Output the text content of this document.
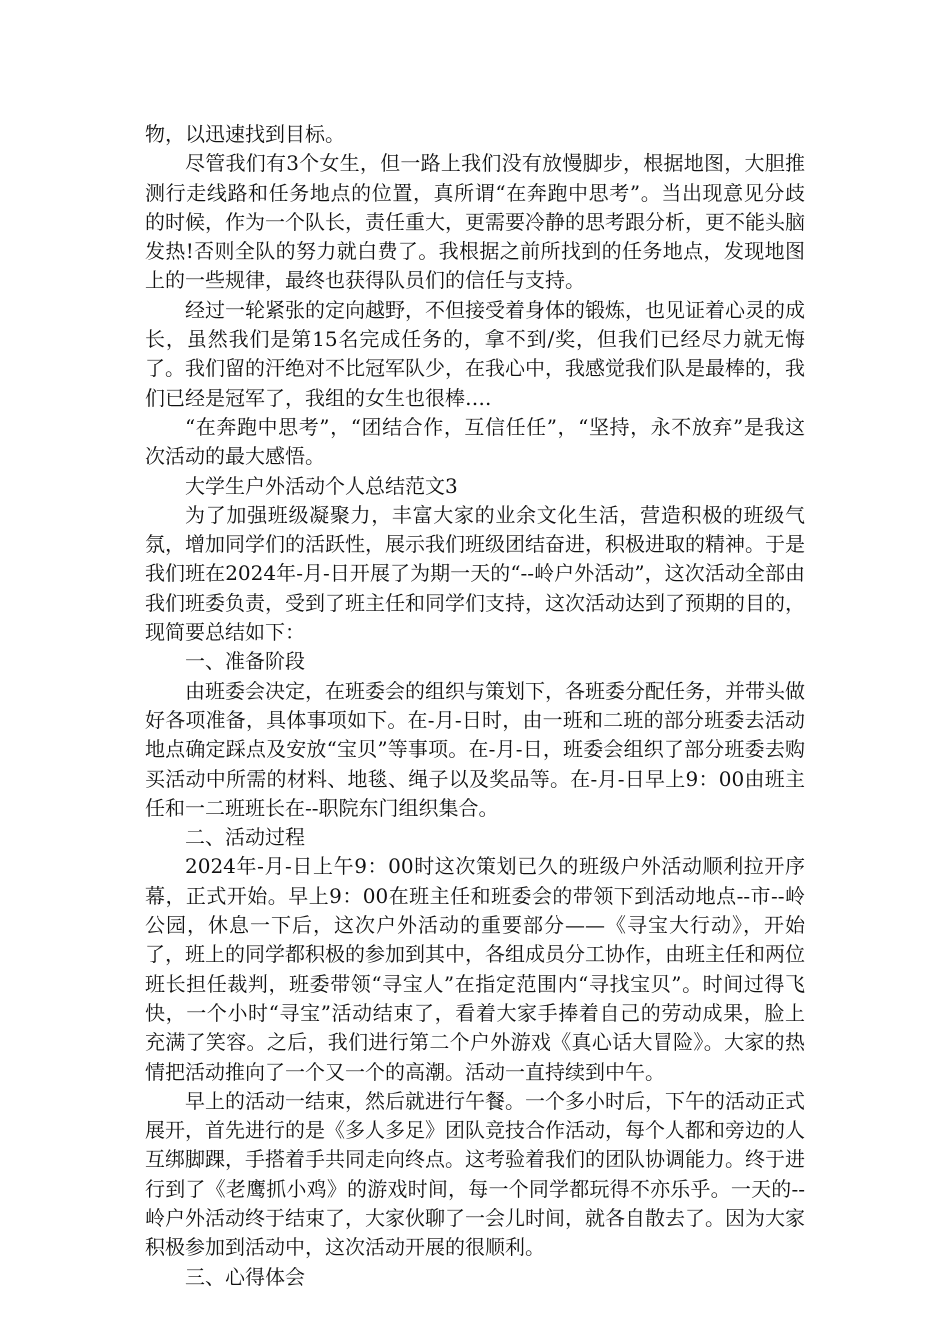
物，以迅速找到目标。

尽管我们有3个女生，但一路上我们没有放慢脚步，根据地图，大胆推测行走线路和任务地点的位置，真所谓“在奔跑中思考”。当出现意见分歧的时候，作为一个队长，责任重大，更需要冷静的思考跟分析，更不能头脑发热!否则全队的努力就白费了。我根据之前所找到的任务地点，发现地图上的一些规律，最终也获得队员们的信任与支持。

经过一轮紧张的定向越野，不但接受着身体的锻炼，也见证着心灵的成长，虽然我们是第15名完成任务的，拿不到/奖，但我们已经尽力就无悔了。我们留的汗绝对不比冠军队少，在我心中，我感觉我们队是最棒的，我们已经是冠军了，我组的女生也很棒….

“在奔跑中思考”，“团结合作，互信任任”，“坚持，永不放弃”是我这次活动的最大感悟。

大学生户外活动个人总结范文3

为了加强班级凝聚力，丰富大家的业余文化生活，营造积极的班级气氛，增加同学们的活跃性，展示我们班级团结奋进，积极进取的精神。于是我们班在2024年-月-日开展了为期一天的“--岭户外活动”，这次活动全部由我们班委负责，受到了班主任和同学们支持，这次活动达到了预期的目的，现简要总结如下：

一、准备阶段

由班委会决定，在班委会的组织与策划下，各班委分配任务，并带头做好各项准备，具体事项如下。在-月-日时，由一班和二班的部分班委去活动地点确定踩点及安放“宝贝”等事项。在-月-日，班委会组织了部分班委去购买活动中所需的材料、地毯、绳子以及奖品等。在-月-日早上9：00由班主任和一二班班长在--职院东门组织集合。

二、活动过程

2024年-月-日上午9：00时这次策划已久的班级户外活动顺利拉开序幕，正式开始。早上9：00在班主任和班委会的带领下到活动地点--市--岭公园，休息一下后，这次户外活动的重要部分——《寻宝大行动》，开始了，班上的同学都积极的参加到其中，各组成员分工协作，由班主任和两位班长担任裁判，班委带领“寻宝人”在指定范围内“寻找宝贝”。时间过得飞快，一个小时“寻宝”活动结束了，看着大家手捧着自己的劳动成果，脸上充满了笑容。之后，我们进行第二个户外游戏《真心话大冒险》。大家的热情把活动推向了一个又一个的高潮。活动一直持续到中午。

早上的活动一结束，然后就进行午餐。一个多小时后，下午的活动正式展开，首先进行的是《多人多足》团队竞技合作活动，每个人都和旁边的人互绑脚踝，手搭着手共同走向终点。这考验着我们的团队协调能力。终于进行到了《老鹰抓小鸡》的游戏时间，每一个同学都玩得不亦乐乎。一天的--岭户外活动终于结束了，大家伙聊了一会儿时间，就各自散去了。因为大家积极参加到活动中，这次活动开展的很顺利。

三、心得体会
